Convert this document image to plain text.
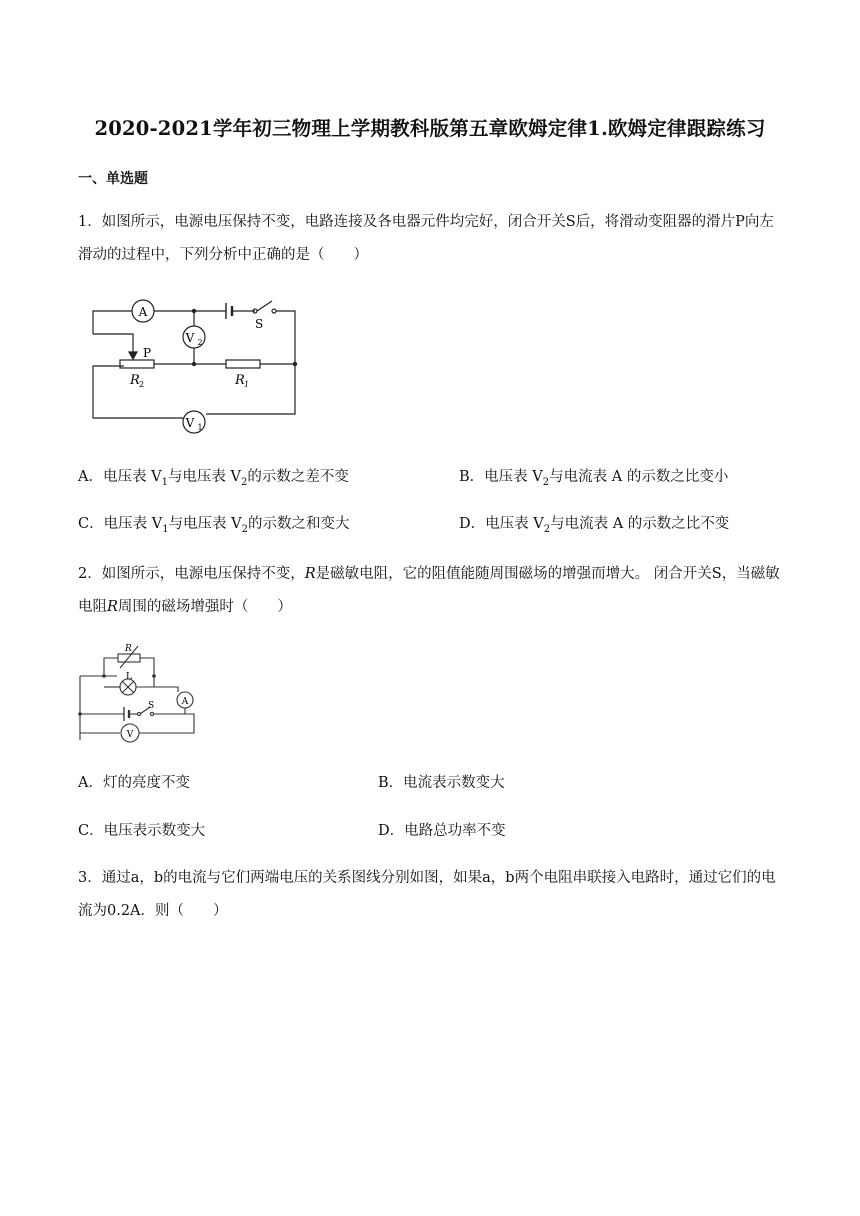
2020-2021学年初三物理上学期教科版第五章欧姆定律1.欧姆定律跟踪练习
一、单选题
1．如图所示，电源电压保持不变，电路连接及各电器元件均完好，闭合开关S后，将滑动变阻器的滑片P向左滑动的过程中，下列分析中正确的是（　　）
A
V 2
V 1
S
P
R 2	R 1
A．电压表 $V_1$与电压表 $V_2$的示数之差不变	B．电压表 $V_2$与电流表 A 的示数之比变小
C．电压表 $V_1$与电压表 $V_2$的示数之和变大	D．电压表 $V_2$与电流表 A 的示数之比不变
2．如图所示，电源电压保持不变，R是磁敏电阻，它的阻值能随周围磁场的增强而增大。 闭合开关S，当磁敏电阻R周围的磁场增强时（　　）
R
L
A
S
V
A．灯的亮度不变	B．电流表示数变大
C．电压表示数变大	D．电路总功率不变
3．通过a，b的电流与它们两端电压的关系图线分别如图，如果a，b两个电阻串联接入电路时，通过它们的电流为0.2A．则（　　）
